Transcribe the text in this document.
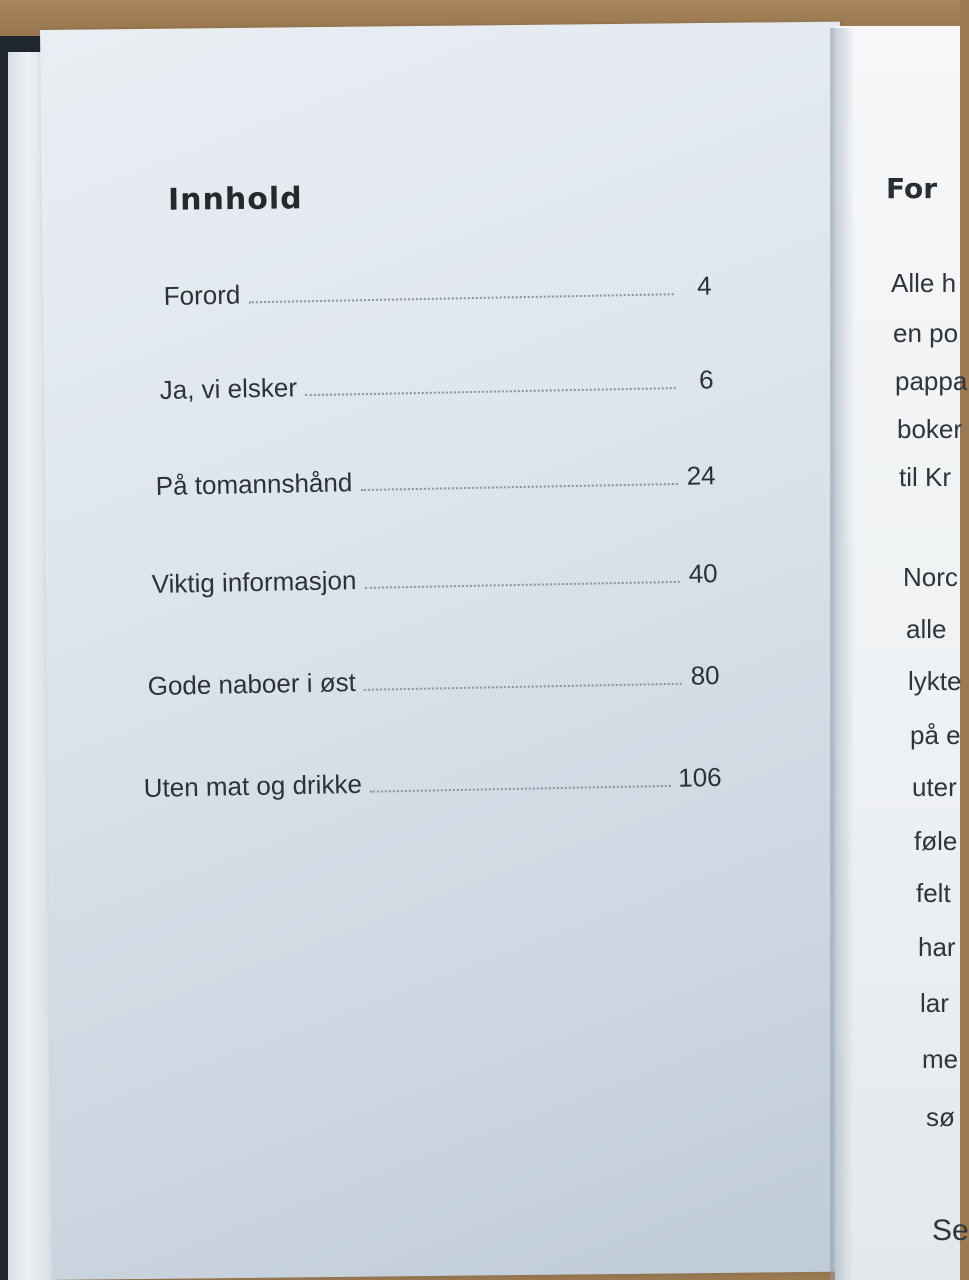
Innhold
Forord	4
Ja, vi elsker	6
På tomannshånd	24
Viktig informasjon	40
Gode naboer i øst	80
Uten mat og drikke	106
For
Alle h
en po
pappa
boker
til Kr
Norc
alle
lykte
på e
uter
føle
felt
har
lar
me
sø
Se
